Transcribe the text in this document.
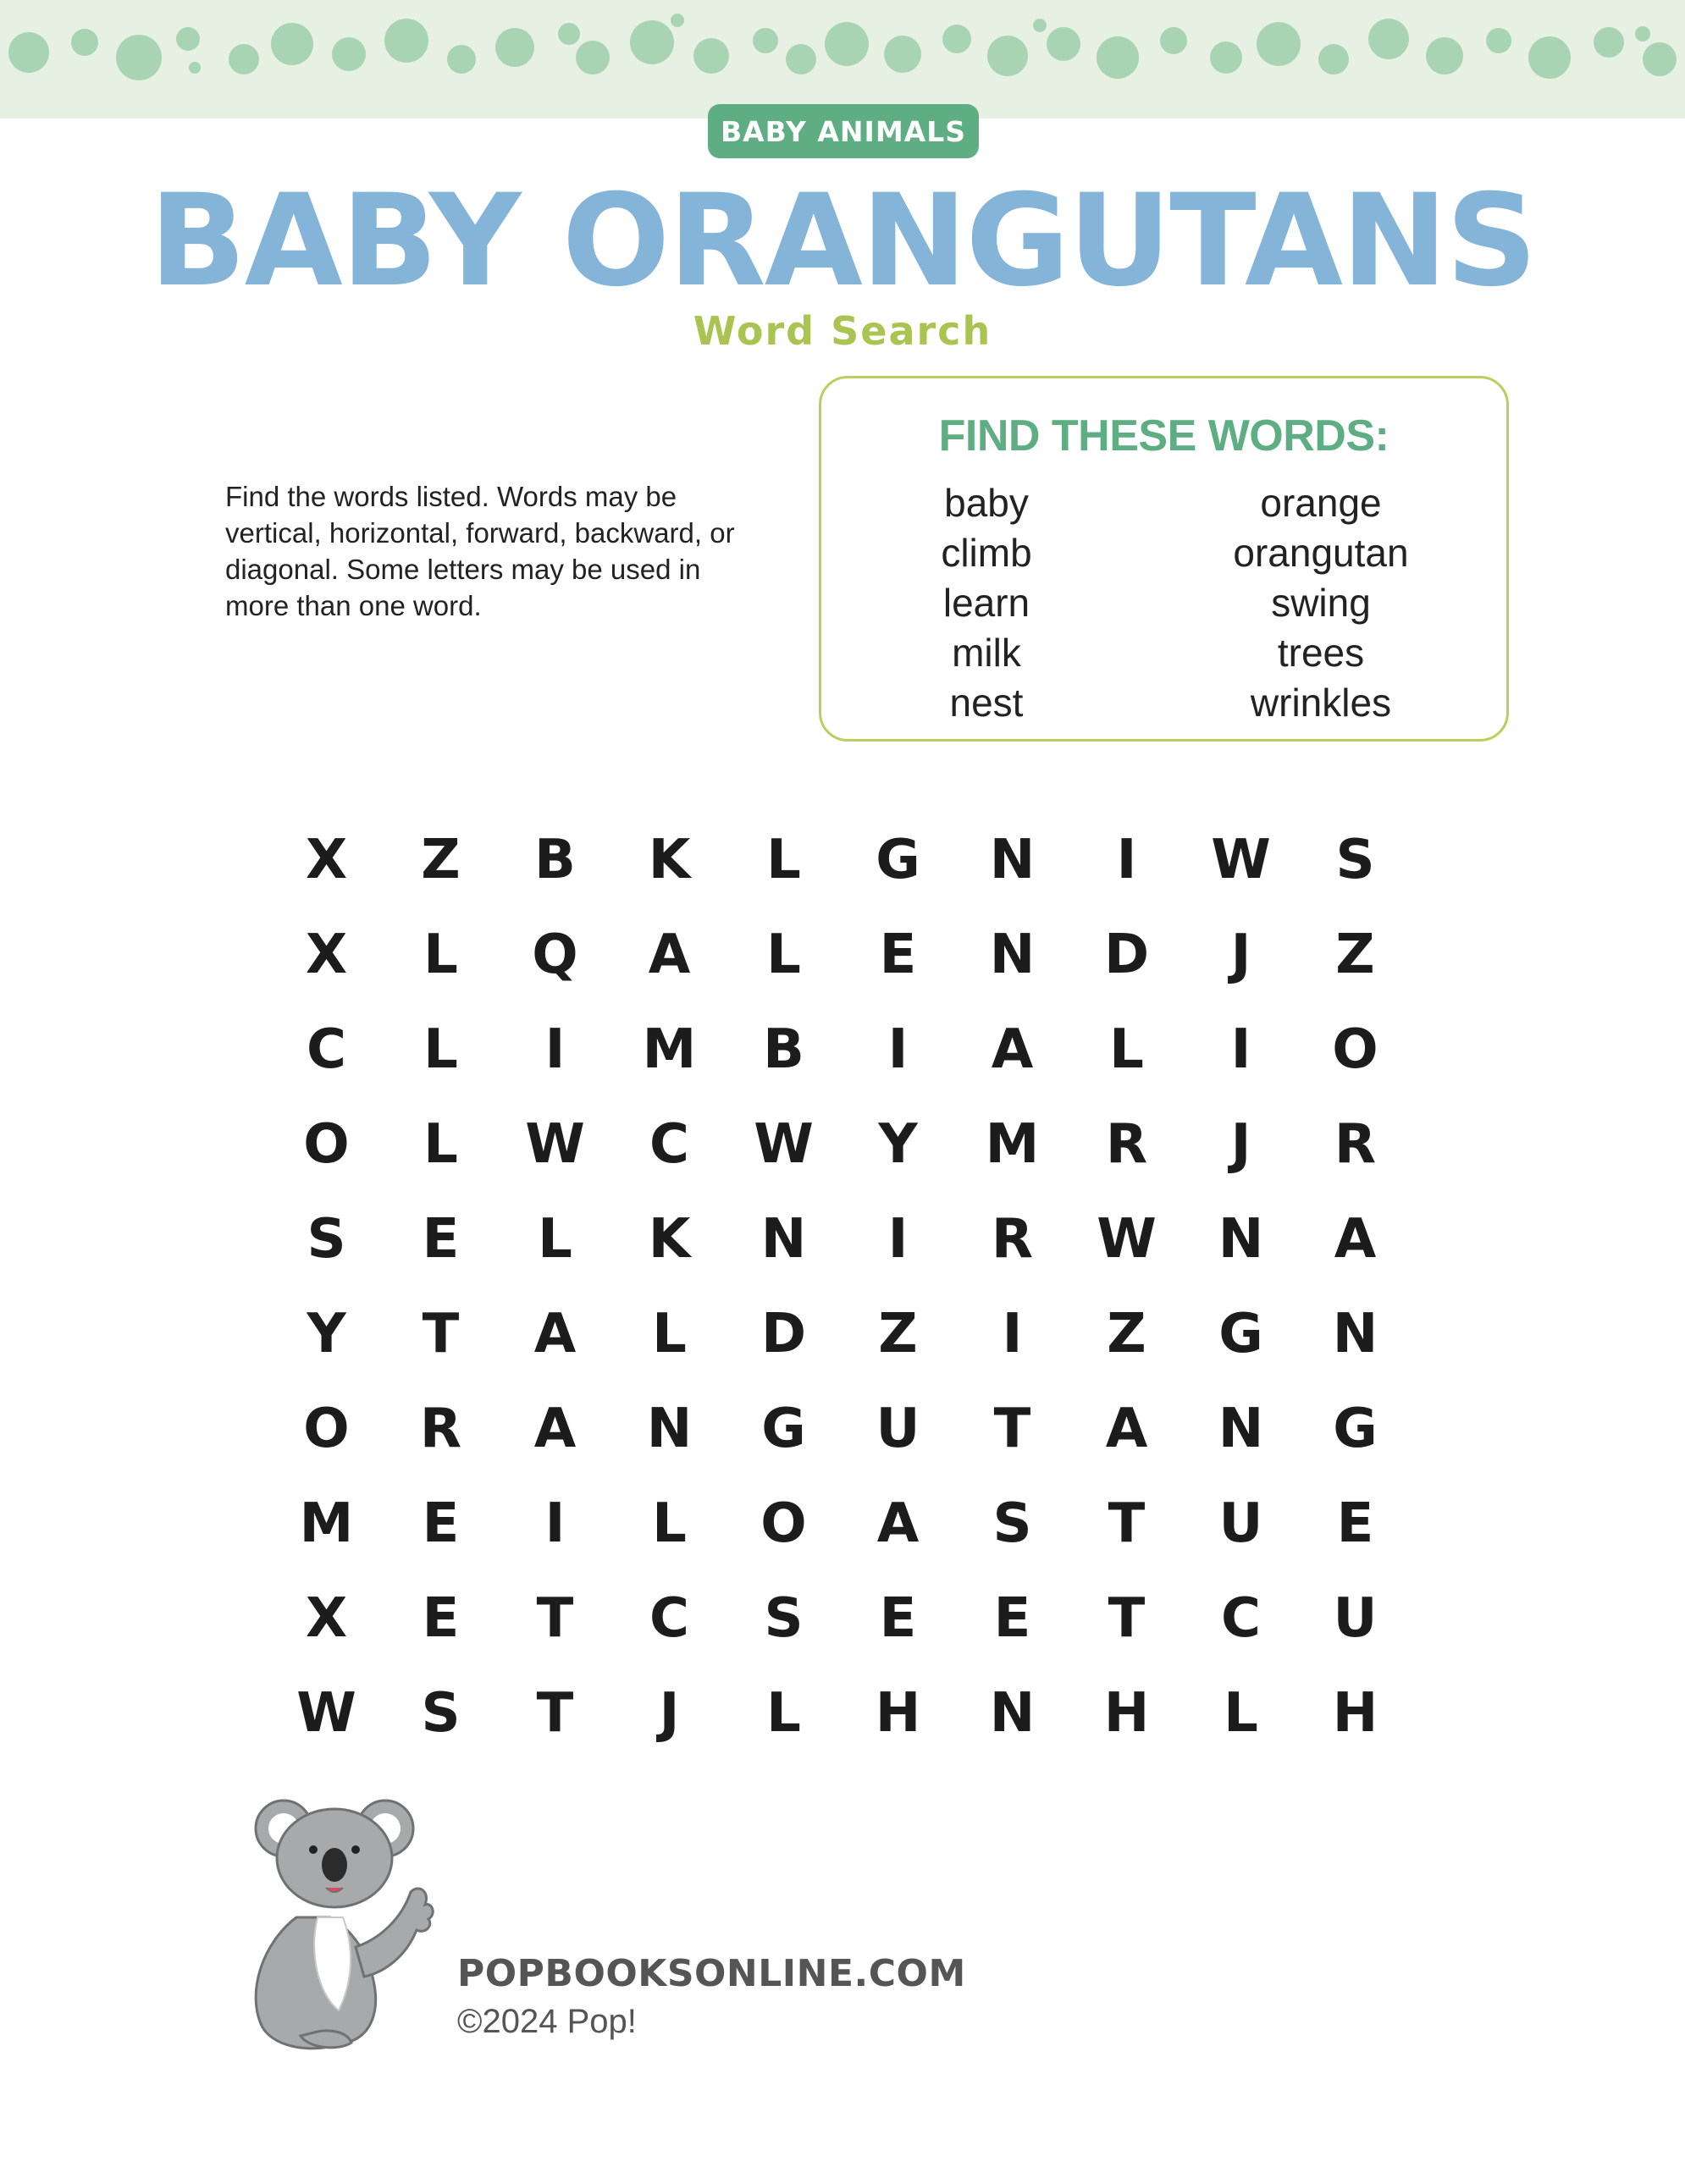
BABY ANIMALS
BABY ORANGUTANS
Word Search
Find the words listed. Words may be vertical, horizontal, forward, backward, or diagonal. Some letters may be used in more than one word.
FIND THESE WORDS:
baby
climb
learn
milk
nest
orange
orangutan
swing
trees
wrinkles
X	Z	B	K	L	G	N	I	W	S
X	L	Q	A	L	E	N	D	J	Z
C	L	I	M	B	I	A	L	I	O
O	L	W	C	W	Y	M	R	J	R
S	E	L	K	N	I	R	W	N	A
Y	T	A	L	D	Z	I	Z	G	N
O	R	A	N	G	U	T	A	N	G
M	E	I	L	O	A	S	T	U	E
X	E	T	C	S	E	E	T	C	U
W	S	T	J	L	H	N	H	L	H
POPBOOKSONLINE.COM
©2024 Pop!
